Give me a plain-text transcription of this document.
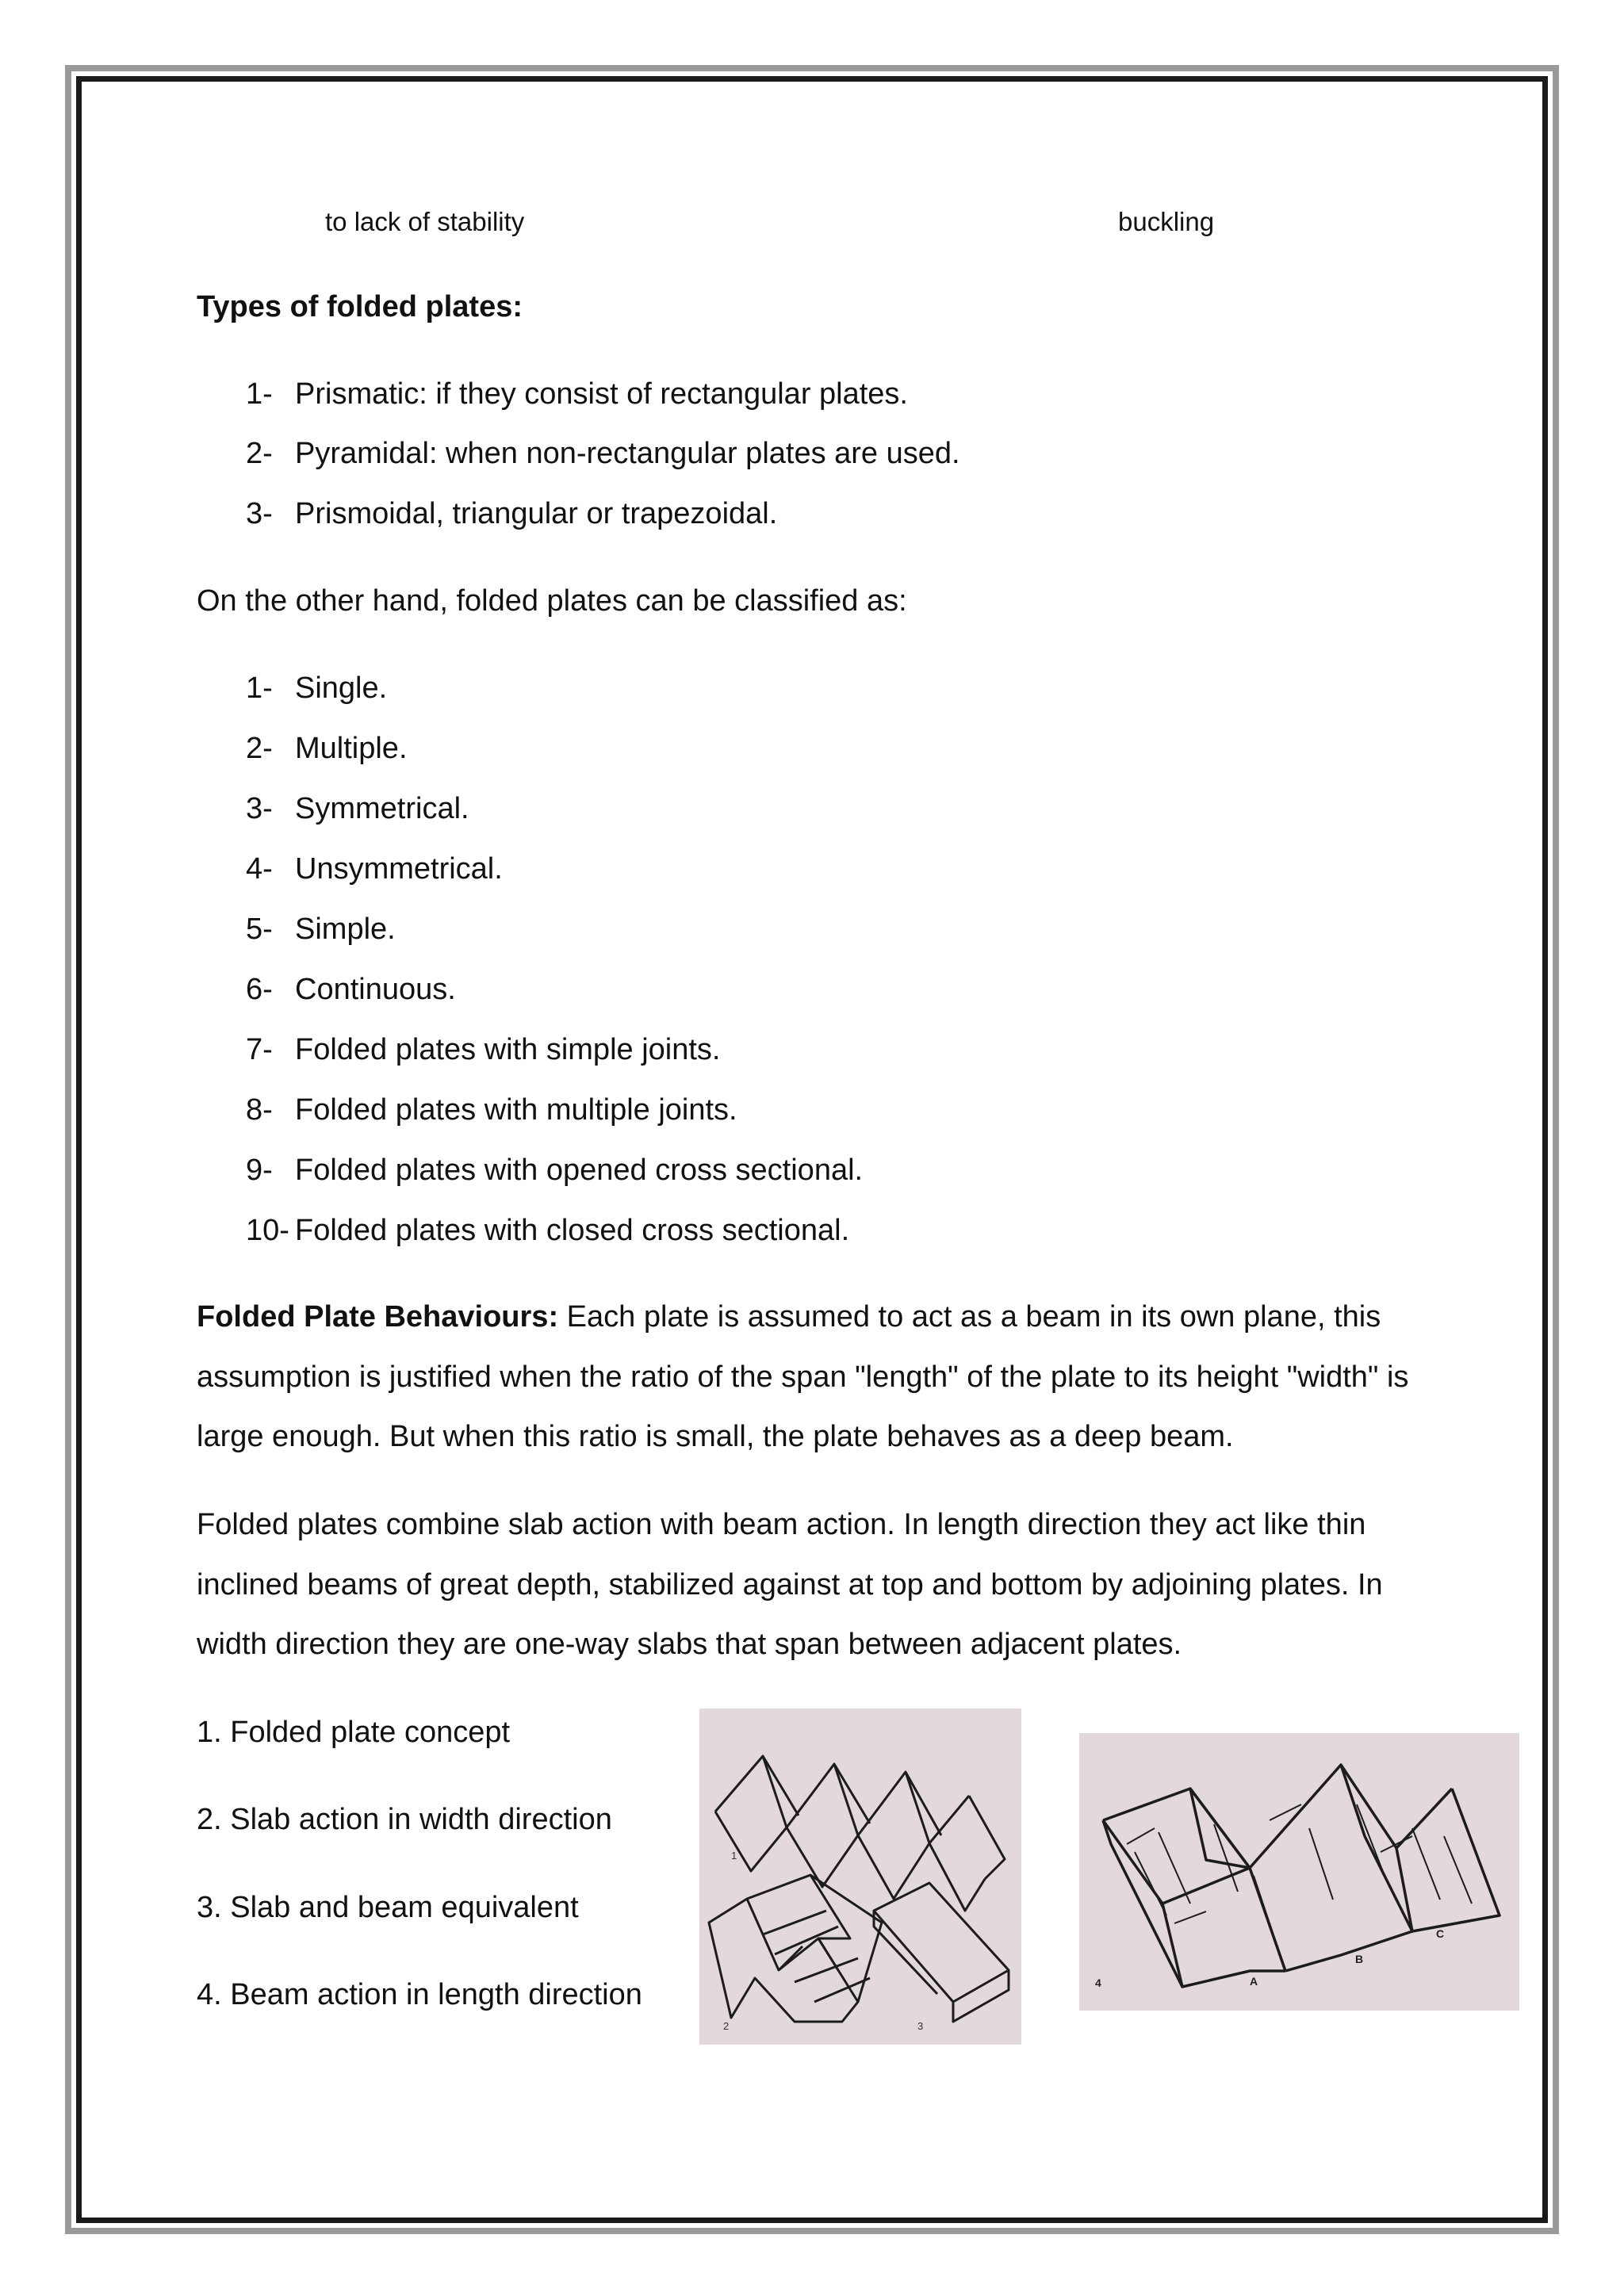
to lack of stability	buckling
Types of folded plates:
1- Prismatic: if they consist of rectangular plates.
2- Pyramidal: when non-rectangular plates are used.
3- Prismoidal, triangular or trapezoidal.
On the other hand, folded plates can be classified as:
1- Single.
2- Multiple.
3- Symmetrical.
4- Unsymmetrical.
5- Simple.
6- Continuous.
7- Folded plates with simple joints.
8- Folded plates with multiple joints.
9- Folded plates with opened cross sectional.
10- Folded plates with closed cross sectional.
Folded Plate Behaviours: Each plate is assumed to act as a beam in its own plane, this assumption is justified when the ratio of the span "length" of the plate to its height "width" is large enough. But when this ratio is small, the plate behaves as a deep beam.
Folded plates combine slab action with beam action. In length direction they act like thin inclined beams of great depth, stabilized against at top and bottom by adjoining plates. In width direction they are one-way slabs that span between adjacent plates.
1. Folded plate concept
2. Slab action in width direction
3. Slab and beam equivalent
4. Beam action in length direction
1
2	3
4	A
B
C
